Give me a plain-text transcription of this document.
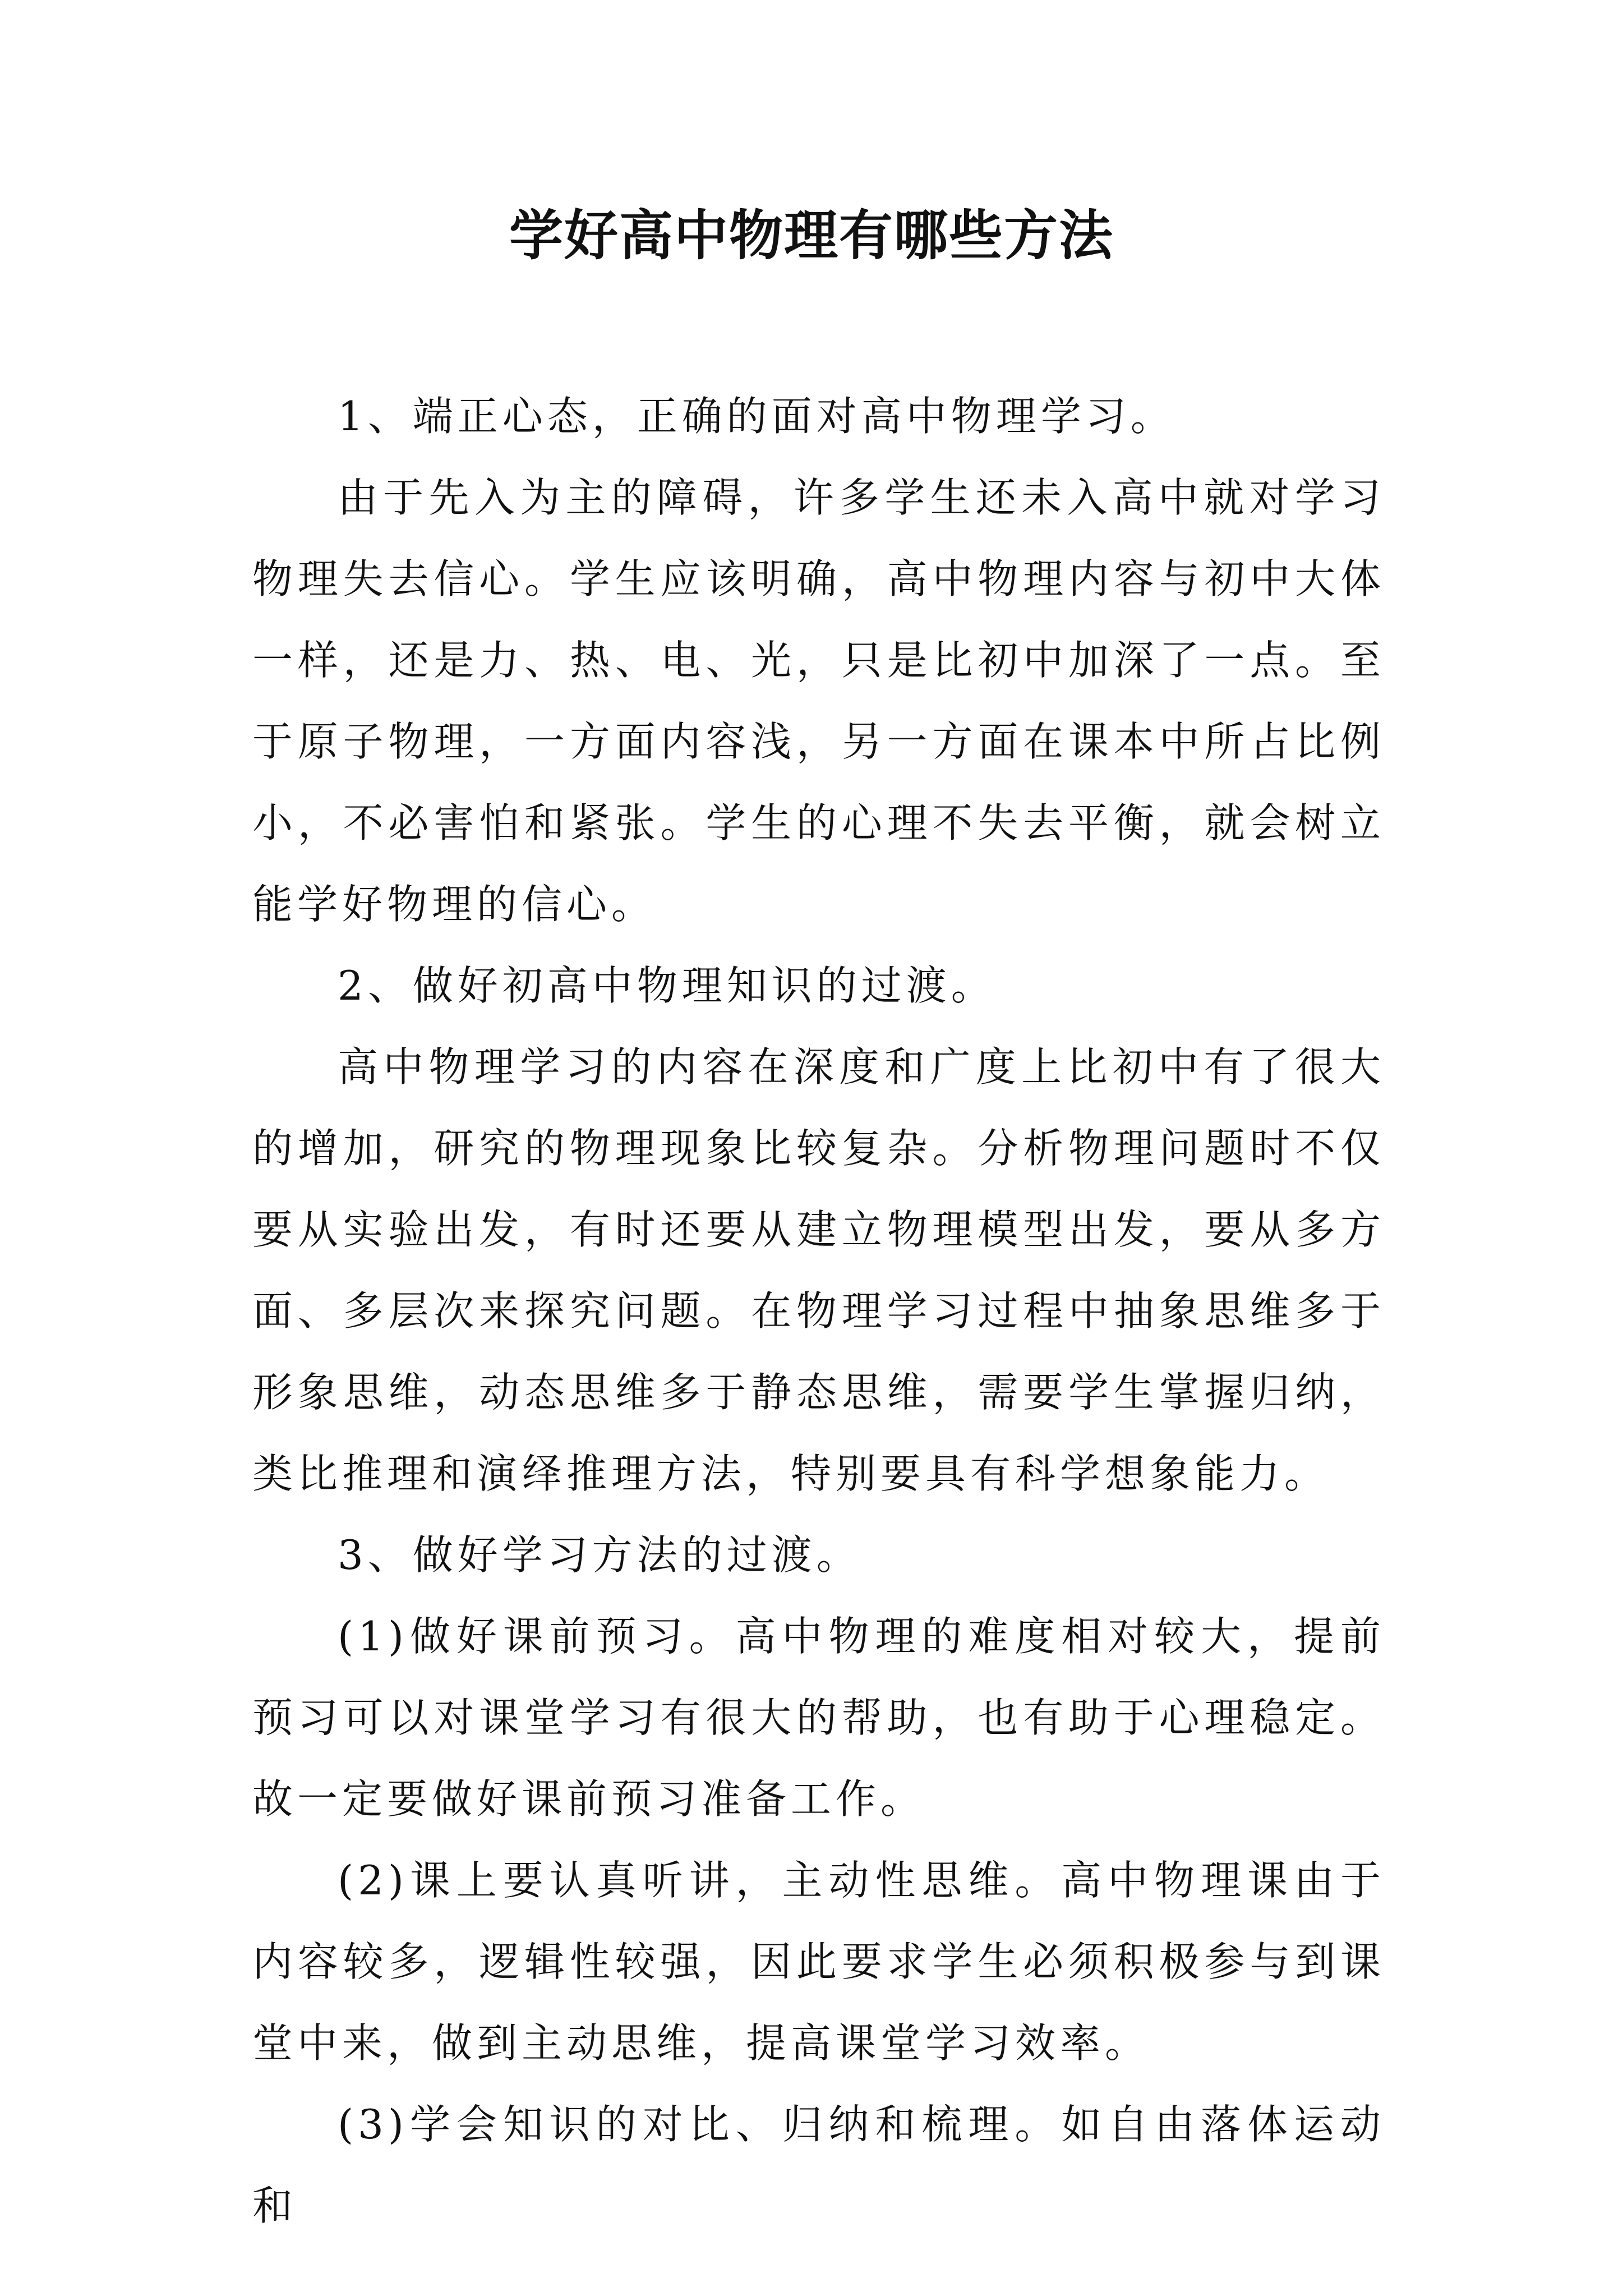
学好高中物理有哪些方法

1、端正心态，正确的面对高中物理学习。

由于先入为主的障碍，许多学生还未入高中就对学习物理失去信心。学生应该明确，高中物理内容与初中大体一样，还是力、热、电、光，只是比初中加深了一点。至于原子物理，一方面内容浅，另一方面在课本中所占比例小，不必害怕和紧张。学生的心理不失去平衡，就会树立能学好物理的信心。

2、做好初高中物理知识的过渡。

高中物理学习的内容在深度和广度上比初中有了很大的增加，研究的物理现象比较复杂。分析物理问题时不仅要从实验出发，有时还要从建立物理模型出发，要从多方面、多层次来探究问题。在物理学习过程中抽象思维多于形象思维，动态思维多于静态思维，需要学生掌握归纳，类比推理和演绎推理方法，特别要具有科学想象能力。

3、做好学习方法的过渡。

(1)做好课前预习。高中物理的难度相对较大，提前预习可以对课堂学习有很大的帮助，也有助于心理稳定。故一定要做好课前预习准备工作。

(2)课上要认真听讲，主动性思维。高中物理课由于内容较多，逻辑性较强，因此要求学生必须积极参与到课堂中来，做到主动思维，提高课堂学习效率。

(3)学会知识的对比、归纳和梳理。如自由落体运动和
